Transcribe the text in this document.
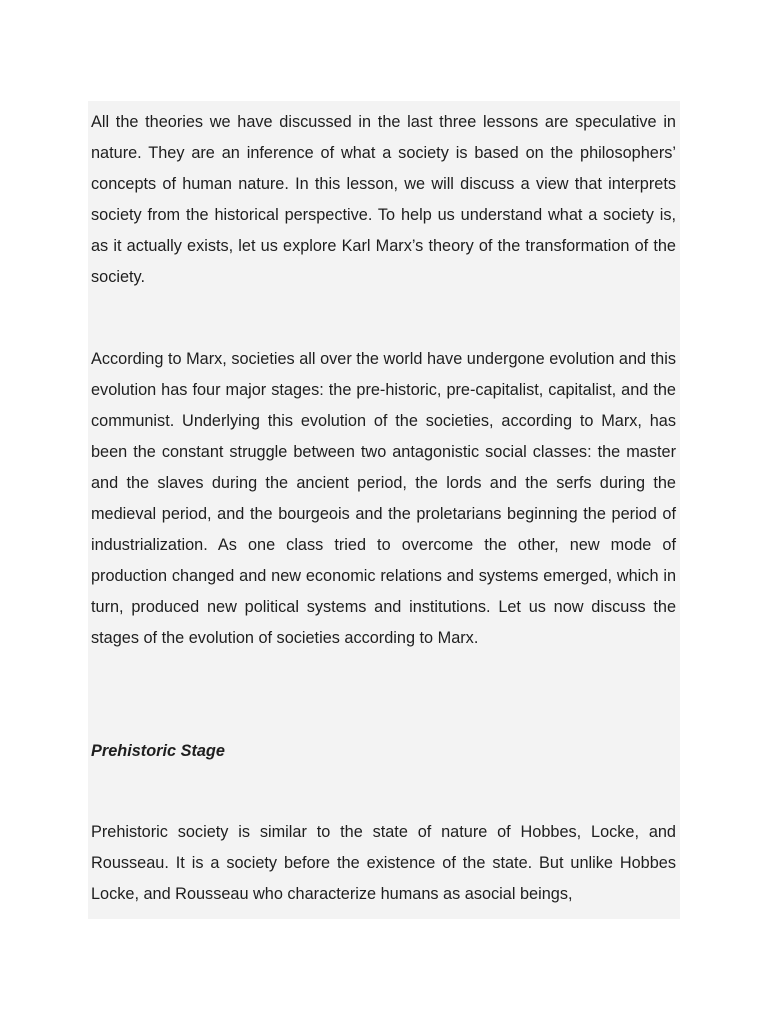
All the theories we have discussed in the last three lessons are speculative in nature. They are an inference of what a society is based on the philosophers’ concepts of human nature. In this lesson, we will discuss a view that interprets society from the historical perspective. To help us understand what a society is, as it actually exists, let us explore Karl Marx’s theory of the transformation of the society.

According to Marx, societies all over the world have undergone evolution and this evolution has four major stages: the pre-historic, pre-capitalist, capitalist, and the communist. Underlying this evolution of the societies, according to Marx, has been the constant struggle between two antagonistic social classes: the master and the slaves during the ancient period, the lords and the serfs during the medieval period, and the bourgeois and the proletarians beginning the period of industrialization. As one class tried to overcome the other, new mode of production changed and new economic relations and systems emerged, which in turn, produced new political systems and institutions. Let us now discuss the stages of the evolution of societies according to Marx.

Prehistoric Stage

Prehistoric society is similar to the state of nature of Hobbes, Locke, and Rousseau. It is a society before the existence of the state. But unlike Hobbes Locke, and Rousseau who characterize humans as asocial beings,
